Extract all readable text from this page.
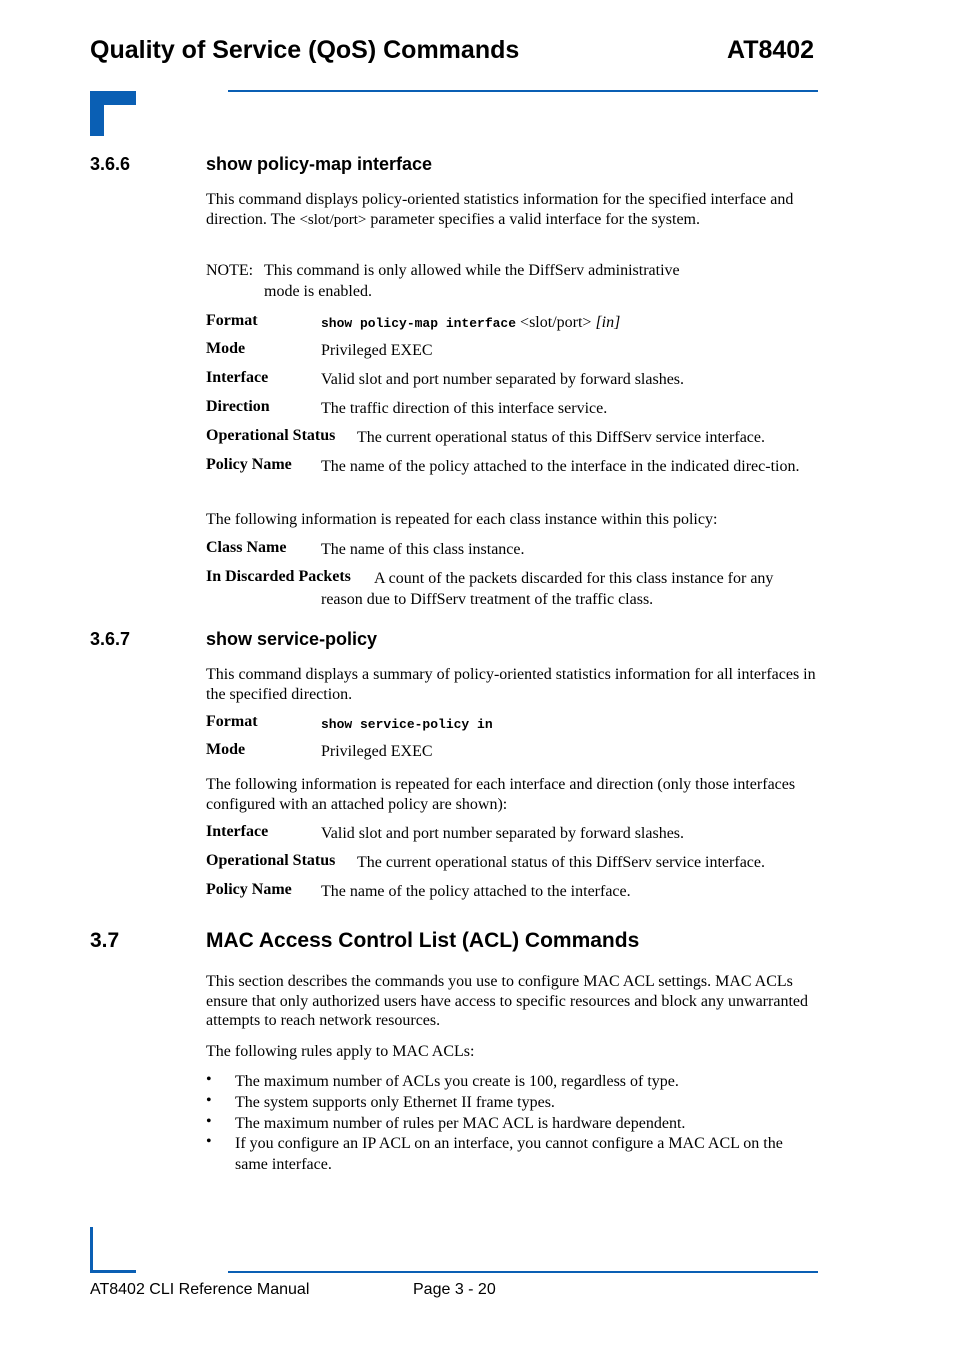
Quality of Service (QoS) Commands	AT8402
3.6.6	show policy-map interface
This command displays policy-oriented statistics information for the specified interface and direction. The <slot/port> parameter specifies a valid interface for the system.
NOTE: This command is only allowed while the DiffServ administrative
mode is enabled.
Format	show policy-map interface <slot/port> [in]
Mode	Privileged EXEC
Interface	Valid slot and port number separated by forward slashes.
Direction	The traffic direction of this interface service.
Operational Status The current operational status of this DiffServ service interface.
Policy Name The name of the policy attached to the interface in the indicated direc-tion.
The following information is repeated for each class instance within this policy:
Class Name The name of this class instance.
In Discarded Packets	A count of the packets discarded for this class instance for any reason due to DiffServ treatment of the traffic class.
3.6.7	show service-policy
This command displays a summary of policy-oriented statistics information for all interfaces in the specified direction.
Format	show service-policy in
Mode	Privileged EXEC
The following information is repeated for each interface and direction (only those interfaces configured with an attached policy are shown):
Interface	Valid slot and port number separated by forward slashes.
Operational Status The current operational status of this DiffServ service interface.
Policy Name The name of the policy attached to the interface.
3.7	MAC Access Control List (ACL) Commands
This section describes the commands you use to configure MAC ACL settings. MAC ACLs ensure that only authorized users have access to specific resources and block any unwarranted attempts to reach network resources.
The following rules apply to MAC ACLs:
• The maximum number of ACLs you create is 100, regardless of type.
• The system supports only Ethernet II frame types.
• The maximum number of rules per MAC ACL is hardware dependent.
• If you configure an IP ACL on an interface, you cannot configure a MAC ACL on the same interface.
AT8402 CLI Reference Manual	Page 3 - 20
